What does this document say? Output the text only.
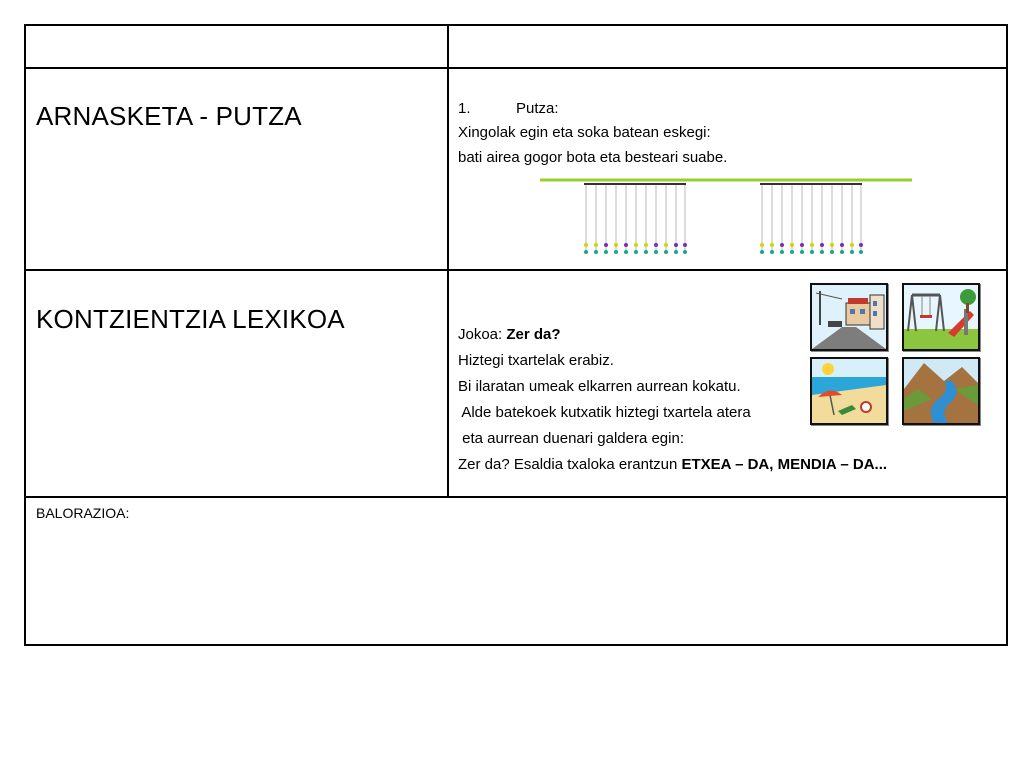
ARNASKETA - PUTZA	1.	Putza:
Xingolak egin eta soka batean eskegi:
bati airea gogor bota eta besteari suabe.
KONTZIENTZIA LEXIKOA
Jokoa: Zer da?
Hiztegi txartelak erabiz.
Bi ilaratan umeak elkarren aurrean kokatu.
Alde batekoek kutxatik hiztegi txartela atera
eta aurrean duenari galdera egin:
Zer da? Esaldia txaloka erantzun ETXEA – DA, MENDIA – DA...
BALORAZIOA:
